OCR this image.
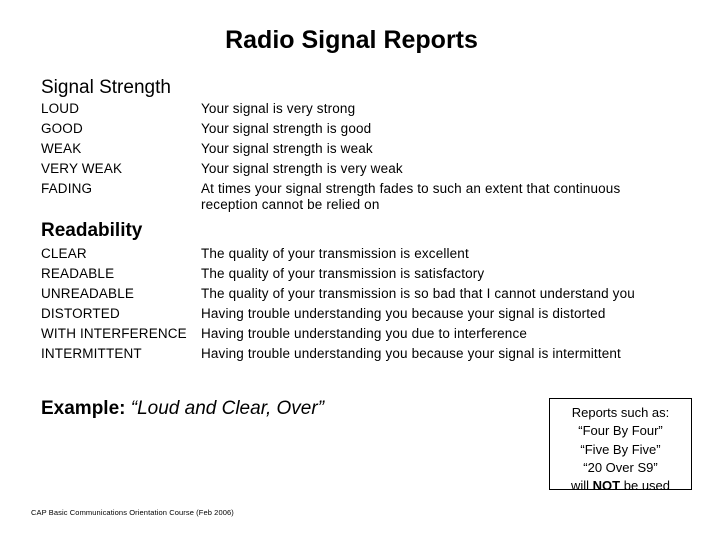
Radio Signal Reports
Signal Strength
LOUD	Your signal is very strong
GOOD	Your signal strength is good
WEAK	Your signal strength is weak
VERY WEAK	Your signal strength is very weak
FADING	At times your signal strength fades to such an extent that continuous reception cannot be relied on
Readability
CLEAR	The quality of your transmission is excellent
READABLE	The quality of your transmission is satisfactory
UNREADABLE	The quality of your transmission is so bad that I cannot understand you
DISTORTED	Having trouble understanding you because your signal is distorted
WITH INTERFERENCE	Having trouble understanding you due to interference
INTERMITTENT	Having trouble understanding you because your signal is intermittent
Example: “Loud and Clear, Over”	Reports such as:
“Four By Four”
“Five By Five”
“20 Over S9”
will NOT be used
CAP Basic Communications Orientation Course (Feb 2006)
